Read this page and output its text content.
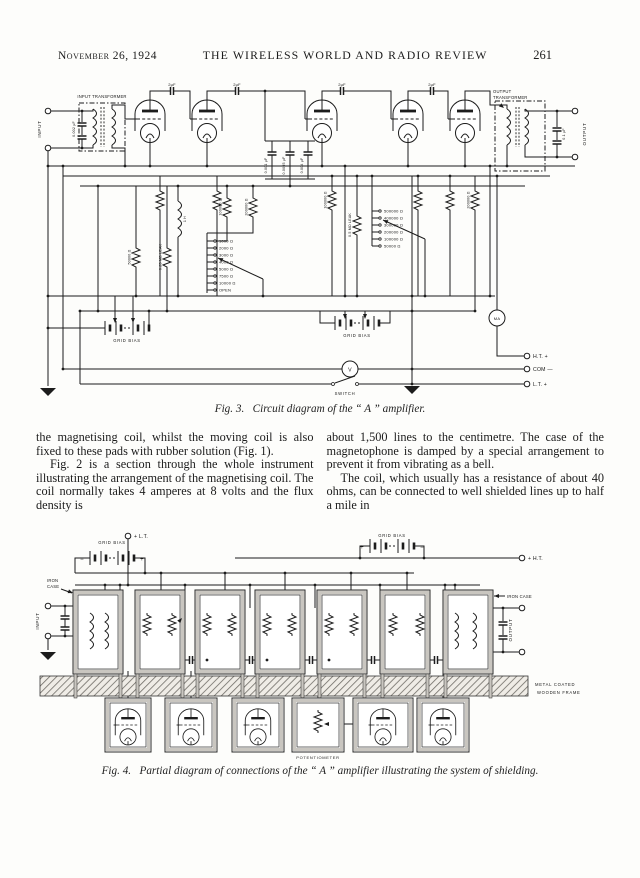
November 26, 1924	THE WIRELESS WORLD AND RADIO REVIEW	261
INPUT	0.002 μF
INPUT TRANSFORMER
2μF	2μF	2μF	2μF
100000 Ω	200000 Ω
100000 Ω	200000 Ω
50000 Ω	0.25 MΩ LEAK
0.5 MΩ LEAK
1 H
1000 Ω
2000 Ω
3000 Ω
4000 Ω
5000 Ω
7500 Ω
10000 Ω
OPEN
500000 Ω
400000 Ω
300000 Ω
200000 Ω
100000 Ω
50000 Ω
0.001 μF	0.0005 μF	0.004 μF
GRID BIAS
GRID BIAS
V
MA
SWITCH
H.T. +
COM —
L.T. +
OUTPUT
TRANSFORMER
0.1 μF	OUTPUT
Fig. 3.   Circuit diagram of the “ A ” amplifier.

the magnetising coil, whilst the moving coil is also fixed to these pads with rubber solution (Fig. 1).

Fig. 2 is a section through the whole instrument illustrating the arrangement of the magnetising coil. The coil normally takes 4 amperes at 8 volts and the flux density is

about 1,500 lines to the centimetre. The case of the magnetophone is damped by a special arrangement to prevent it from vibrating as a bell.

The coil, which usually has a resistance of about 40 ohms, can be connected to well shielded lines up to half a mile in

+ L.T.
GRID BIAS
−	+
GRID BIAS
+	−
+ H.T.
INPUT	OUTPUT
IRON
CASE
IRON CASE
METAL COATED
WOODEN FRAME
POTENTIOMETER
Fig. 4.   Partial diagram of connections of the “ A ” amplifier illustrating the system of shielding.
